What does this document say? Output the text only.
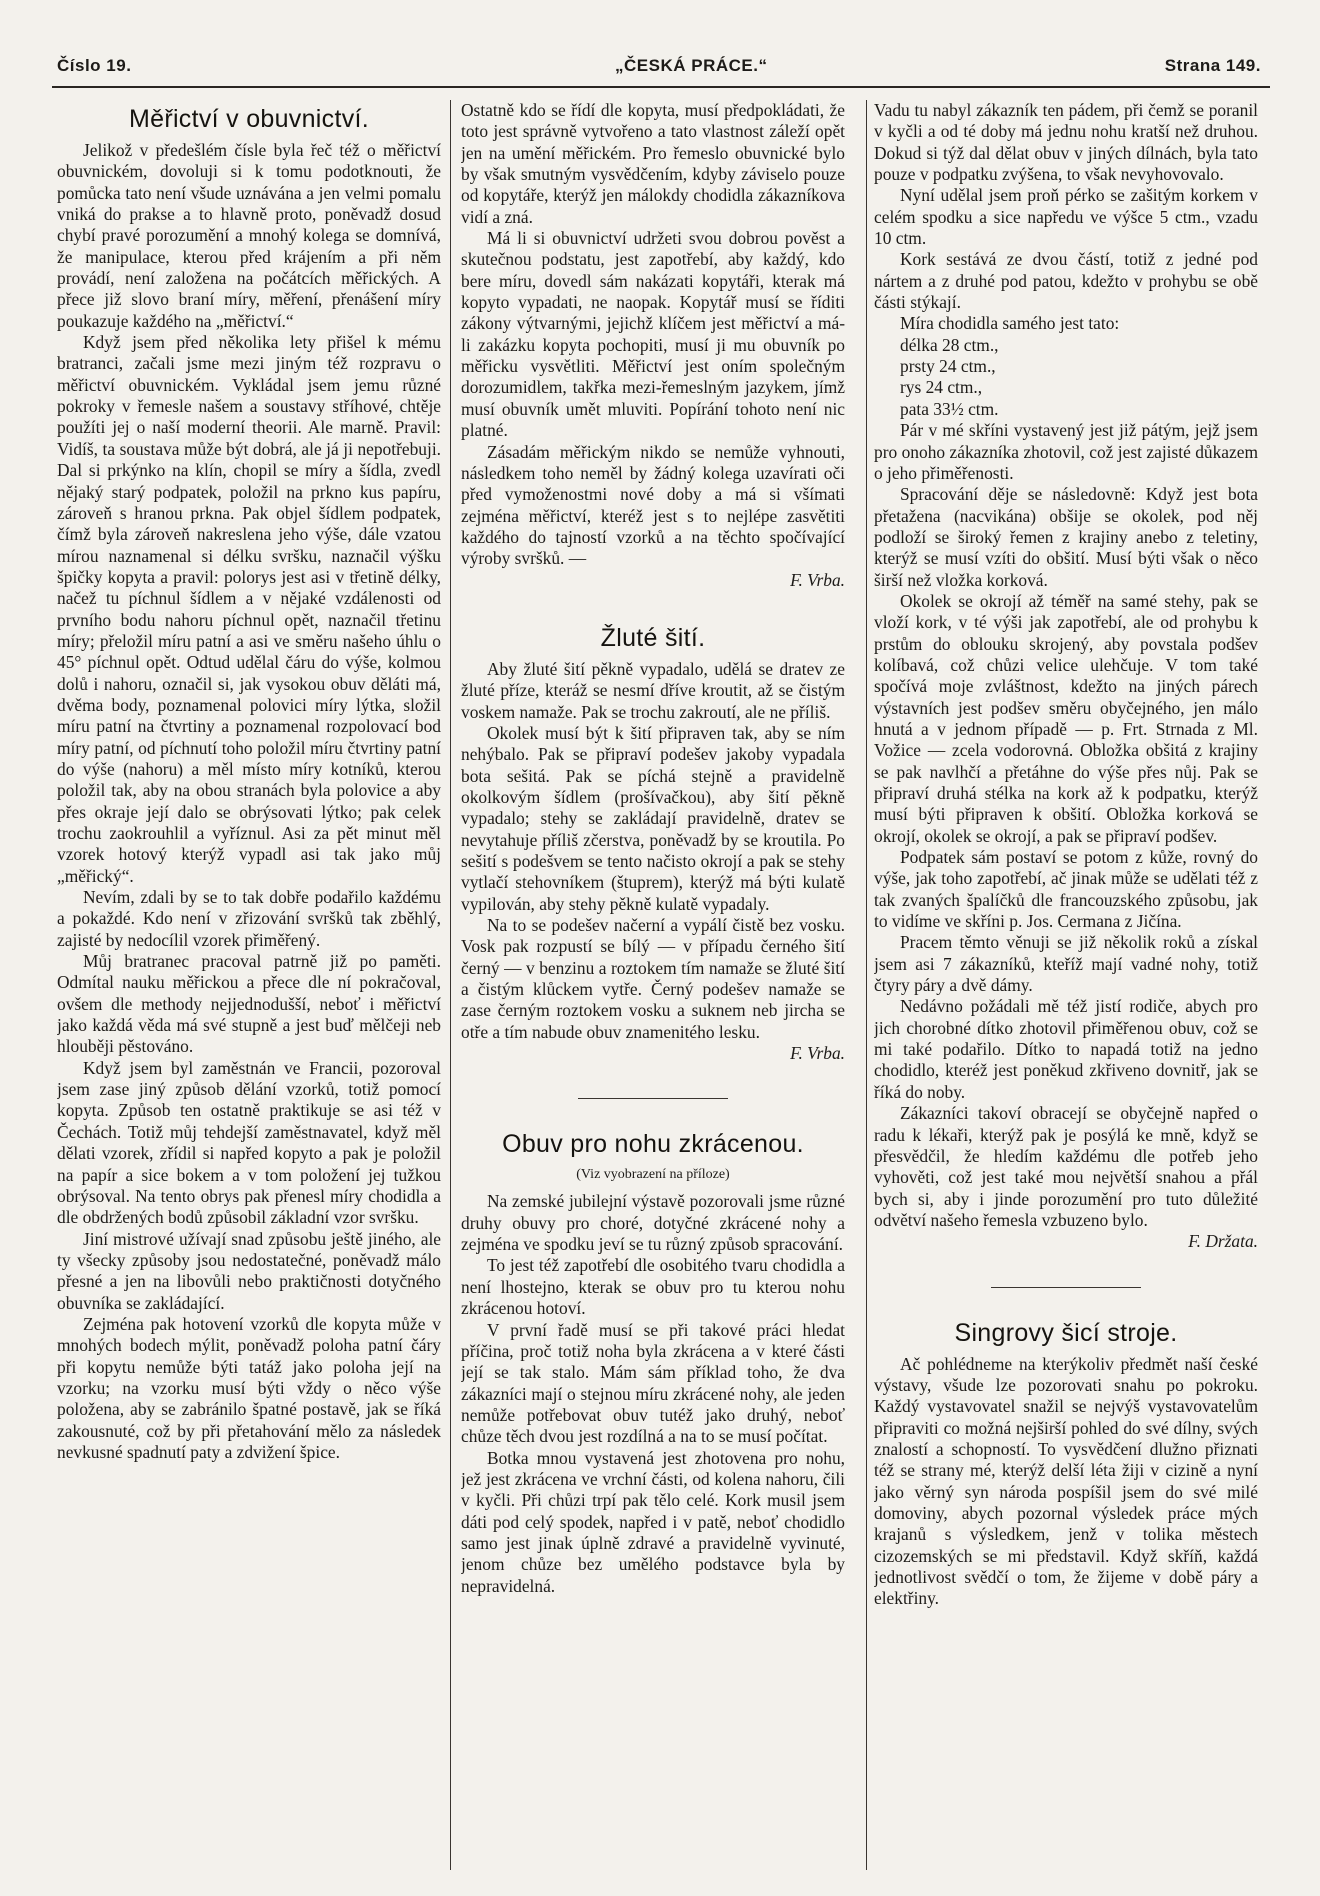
Číslo 19.	„ČESKÁ PRÁCE.“	Strana 149.
Měřictví v obuvnictví.

Jelikož v předešlém čísle byla řeč též o měřictví obuvnickém, dovoluji si k tomu podotknouti, že pomůcka tato není všude uznávána a jen velmi pomalu vniká do prakse a to hlavně proto, poněvadž dosud chybí pravé porozumění a mnohý kolega se domnívá, že manipulace, kterou před krájením a při něm provádí, není založena na počátcích měřických. A přece již slovo braní míry, měření, přenášení míry poukazuje každého na „měřictví.“

Když jsem před několika lety přišel k mému bratranci, začali jsme mezi jiným též rozpravu o měřictví obuvnickém. Vykládal jsem jemu různé pokroky v řemesle našem a soustavy stříhové, chtěje použíti jej o naší moderní theorii. Ale marně. Pravil: Vidíš, ta soustava může být dobrá, ale já ji nepotřebuji. Dal si prkýnko na klín, chopil se míry a šídla, zvedl nějaký starý podpatek, položil na prkno kus papíru, zároveň s hranou prkna. Pak objel šídlem podpatek, čímž byla zároveň nakreslena jeho výše, dále vzatou mírou naznamenal si délku svršku, naznačil výšku špičky kopyta a pravil: polorys jest asi v třetině délky, načež tu píchnul šídlem a v nějaké vzdálenosti od prvního bodu nahoru píchnul opět, naznačil třetinu míry; přeložil míru patní a asi ve směru našeho úhlu o 45° píchnul opět. Odtud udělal čáru do výše, kolmou dolů i nahoru, označil si, jak vysokou obuv děláti má, dvěma body, poznamenal polovici míry lýtka, složil míru patní na čtvrtiny a poznamenal rozpolovací bod míry patní, od píchnutí toho položil míru čtvrtiny patní do výše (nahoru) a měl místo míry kotníků, kterou položil tak, aby na obou stranách byla polovice a aby přes okraje její dalo se obrýsovati lýtko; pak celek trochu zaokrouhlil a vyříznul. Asi za pět minut měl vzorek hotový kterýž vypadl asi tak jako můj „měřický“.

Nevím, zdali by se to tak dobře podařilo každému a pokaždé. Kdo není v zřizování svršků tak zběhlý, zajisté by nedocílil vzorek přiměřený.

Můj bratranec pracoval patrně již po paměti. Odmítal nauku měřickou a přece dle ní pokračoval, ovšem dle methody nejjednodušší, neboť i měřictví jako každá věda má své stupně a jest buď mělčeji neb hlouběji pěstováno.

Když jsem byl zaměstnán ve Francii, pozoroval jsem zase jiný způsob dělání vzorků, totiž pomocí kopyta. Způsob ten ostatně praktikuje se asi též v Čechách. Totiž můj tehdejší zaměstnavatel, když měl dělati vzorek, zřídil si napřed kopyto a pak je položil na papír a sice bokem a v tom položení jej tužkou obrýsoval. Na tento obrys pak přenesl míry chodidla a dle obdržených bodů způsobil základní vzor svršku.

Jiní mistrové užívají snad způsobu ještě jiného, ale ty všecky způsoby jsou nedostatečné, poněvadž málo přesné a jen na libovůli nebo praktičnosti dotyčného obuvníka se zakládající.

Zejména pak hotovení vzorků dle kopyta může v mnohých bodech mýlit, poněvadž poloha patní čáry při kopytu nemůže býti tatáž jako poloha její na vzorku; na vzorku musí býti vždy o něco výše položena, aby se zabránilo špatné postavě, jak se říká zakousnuté, což by při přetahování mělo za následek nevkusné spadnutí paty a zdvižení špice.

Ostatně kdo se řídí dle kopyta, musí předpokládati, že toto jest správně vytvořeno a tato vlastnost záleží opět jen na umění měřickém. Pro řemeslo obuvnické bylo by však smutným vysvědčením, kdyby záviselo pouze od kopytáře, kterýž jen málokdy chodidla zákazníkova vidí a zná.

Má li si obuvnictví udržeti svou dobrou pověst a skutečnou podstatu, jest zapotřebí, aby každý, kdo bere míru, dovedl sám nakázati kopytáři, kterak má kopyto vypadati, ne naopak. Kopytář musí se říditi zákony výtvarnými, jejichž klíčem jest měřictví a má-li zakázku kopyta pochopiti, musí ji mu obuvník po měřicku vysvětliti. Měřictví jest oním společným dorozumidlem, takřka mezi-řemeslným jazykem, jímž musí obuvník umět mluviti. Popírání tohoto není nic platné.

Zásadám měřickým nikdo se nemůže vyhnouti, následkem toho neměl by žádný kolega uzavírati oči před vymoženostmi nové doby a má si všímati zejména měřictví, kteréž jest s to nejlépe zasvětiti každého do tajností vzorků a na těchto spočívající výroby svršků. —
F. Vrba.
Žluté šití.

Aby žluté šití pěkně vypadalo, udělá se dratev ze žluté příze, kteráž se nesmí dříve kroutit, až se čistým voskem namaže. Pak se trochu zakroutí, ale ne příliš.

Okolek musí být k šití připraven tak, aby se ním nehýbalo. Pak se připraví podešev jakoby vypadala bota sešitá. Pak se píchá stejně a pravidelně okolkovým šídlem (prošívačkou), aby šití pěkně vypadalo; stehy se zakládají pravidelně, dratev se nevytahuje příliš zčerstva, poněvadž by se kroutila. Po sešití s podešvem se tento načisto okrojí a pak se stehy vytlačí stehovníkem (štuprem), kterýž má býti kulatě vypilován, aby stehy pěkně kulatě vypadaly.

Na to se podešev načerní a vypálí čistě bez vosku. Vosk pak rozpustí se bílý — v případu černého šití černý — v benzinu a roztokem tím namaže se žluté šití a čistým klůckem vytře. Černý podešev namaže se zase černým roztokem vosku a suknem neb jircha se otře a tím nabude obuv znamenitého lesku.

F. Vrba.
Obuv pro nohu zkrácenou.
(Viz vyobrazení na příloze)

Na zemské jubilejní výstavě pozorovali jsme různé druhy obuvy pro choré, dotyčné zkrácené nohy a zejména ve spodku jeví se tu různý způsob spracování.

To jest též zapotřebí dle osobitého tvaru chodidla a není lhostejno, kterak se obuv pro tu kterou nohu zkrácenou hotoví.

V první řadě musí se při takové práci hledat příčina, proč totiž noha byla zkrácena a v které části její se tak stalo. Mám sám příklad toho, že dva zákazníci mají o stejnou míru zkrácené nohy, ale jeden nemůže potřebovat obuv tutéž jako druhý, neboť chůze těch dvou jest rozdílná a na to se musí počítat.

Botka mnou vystavená jest zhotovena pro nohu, jež jest zkrácena ve vrchní části, od kolena nahoru, čili v kyčli. Při chůzi trpí pak tělo celé. Kork musil jsem dáti pod celý spodek, napřed i v patě, neboť chodidlo samo jest jinak úplně zdravé a pravidelně vyvinuté, jenom chůze bez umělého podstavce byla by nepravidelná.

Vadu tu nabyl zákazník ten pádem, při čemž se poranil v kyčli a od té doby má jednu nohu kratší než druhou. Dokud si týž dal dělat obuv v jiných dílnách, byla tato pouze v podpatku zvýšena, to však nevyhovovalo.

Nyní udělal jsem proň pérko se zašitým korkem v celém spodku a sice napředu ve výšce 5 ctm., vzadu 10 ctm.

Kork sestává ze dvou částí, totiž z jedné pod nártem a z druhé pod patou, kdežto v prohybu se obě části stýkají.

Míra chodidla samého jest tato:

délka 28 ctm.,
prsty 24 ctm.,
rys 24 ctm.,
pata 33½ ctm.

Pár v mé skříni vystavený jest již pátým, jejž jsem pro onoho zákazníka zhotovil, což jest zajisté důkazem o jeho přiměřenosti.

Spracování děje se následovně: Když jest bota přetažena (nacvikána) obšije se okolek, pod něj podloží se široký řemen z krajiny anebo z teletiny, kterýž se musí vzíti do obšití. Musí býti však o něco širší než vložka korková.

Okolek se okrojí až téměř na samé stehy, pak se vloží kork, v té výši jak zapotřebí, ale od prohybu k prstům do oblouku skrojený, aby povstala podšev kolíbavá, což chůzi velice ulehčuje. V tom také spočívá moje zvláštnost, kdežto na jiných párech výstavních jest podšev směru obyčejného, jen málo hnutá a v jednom případě — p. Frt. Strnada z Ml. Vožice — zcela vodorovná. Obložka obšitá z krajiny se pak navlhčí a přetáhne do výše přes nůj. Pak se připraví druhá stélka na kork až k podpatku, kterýž musí býti připraven k obšití. Obložka korková se okrojí, okolek se okrojí, a pak se připraví podšev.

Podpatek sám postaví se potom z kůže, rovný do výše, jak toho zapotřebí, ač jinak může se udělati též z tak zvaných špalíčků dle francouzského způsobu, jak to vidíme ve skříni p. Jos. Cermana z Jičína.

Pracem těmto věnuji se již několik roků a získal jsem asi 7 zákazníků, kteříž mají vadné nohy, totiž čtyry páry a dvě dámy.

Nedávno požádali mě též jistí rodiče, abych pro jich chorobné dítko zhotovil přiměřenou obuv, což se mi také podařilo. Dítko to napadá totiž na jedno chodidlo, kteréž jest poněkud zkřiveno dovnitř, jak se říká do noby.

Zákazníci takoví obracejí se obyčejně napřed o radu k lékaři, kterýž pak je posýlá ke mně, když se přesvědčil, že hledím každému dle potřeb jeho vyhověti, což jest také mou největší snahou a přál bych si, aby i jinde porozumění pro tuto důležité odvětví našeho řemesla vzbuzeno bylo.

F. Držata.
Singrovy šicí stroje.

Ač pohlédneme na kterýkoliv předmět naší české výstavy, všude lze pozorovati snahu po pokroku. Každý vystavovatel snažil se nejvýš vystavovatelům připraviti co možná nejširší pohled do své dílny, svých znalostí a schopností. To vysvědčení dlužno přiznati též se strany mé, kterýž delší léta žiji v cizině a nyní jako věrný syn národa pospíšil jsem do své milé domoviny, abych pozornal výsledek práce mých krajanů s výsledkem, jenž v tolika městech cizozemských se mi představil. Když skříň, každá jednotlivost svědčí o tom, že žijeme v době páry a elektřiny.
